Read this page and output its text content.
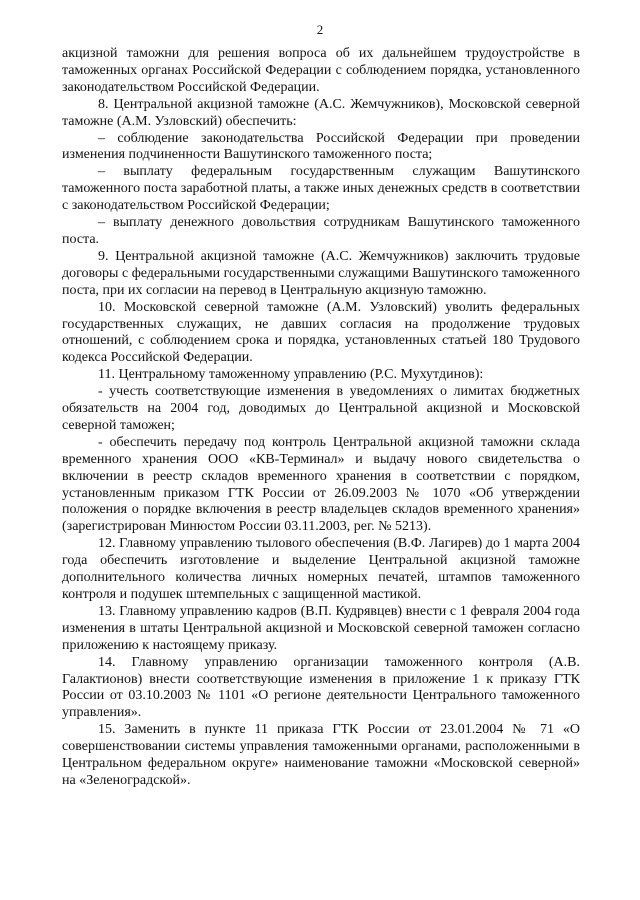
2

акцизной таможни для решения вопроса об их дальнейшем трудоустройстве в таможенных органах Российской Федерации с соблюдением порядка, установленного законодательством Российской Федерации.

8. Центральной акцизной таможне (А.С. Жемчужников), Московской северной таможне (А.М. Узловский) обеспечить:

– соблюдение законодательства Российской Федерации при проведении изменения подчиненности Вашутинского таможенного поста;

– выплату федеральным государственным служащим Вашутинского таможенного поста заработной платы, а также иных денежных средств в соответствии с законодательством Российской Федерации;

– выплату денежного довольствия сотрудникам Вашутинского таможенного поста.

9. Центральной акцизной таможне (А.С. Жемчужников) заключить трудовые договоры с федеральными государственными служащими Вашутинского таможенного поста, при их согласии на перевод в Центральную акцизную таможню.

10. Московской северной таможне (А.М. Узловский) уволить федеральных государственных служащих, не давших согласия на продолжение трудовых отношений, с соблюдением срока и порядка, установленных статьей 180 Трудового кодекса Российской Федерации.

11. Центральному таможенному управлению (Р.С. Мухутдинов):

- учесть соответствующие изменения в уведомлениях о лимитах бюджетных обязательств на 2004 год, доводимых до Центральной акцизной и Московской северной таможен;

- обеспечить передачу под контроль Центральной акцизной таможни склада временного хранения ООО «КВ-Терминал» и выдачу нового свидетельства о включении в реестр складов временного хранения в соответствии с порядком, установленным приказом ГТК России от 26.09.2003 № 1070 «Об утверждении положения о порядке включения в реестр владельцев складов временного хранения» (зарегистрирован Минюстом России 03.11.2003, рег. № 5213).

12. Главному управлению тылового обеспечения (В.Ф. Лагирев) до 1 марта 2004 года обеспечить изготовление и выделение Центральной акцизной таможне дополнительного количества личных номерных печатей, штампов таможенного контроля и подушек штемпельных с защищенной мастикой.

13. Главному управлению кадров (В.П. Кудрявцев) внести с 1 февраля 2004 года изменения в штаты Центральной акцизной и Московской северной таможен согласно приложению к настоящему приказу.

14. Главному управлению организации таможенного контроля (А.В. Галактионов) внести соответствующие изменения в приложение 1 к приказу ГТК России от 03.10.2003 № 1101 «О регионе деятельности Центрального таможенного управления».

15. Заменить в пункте 11 приказа ГТК России от 23.01.2004 № 71 «О совершенствовании системы управления таможенными органами, расположенными в Центральном федеральном округе» наименование таможни «Московской северной» на «Зеленоградской».
